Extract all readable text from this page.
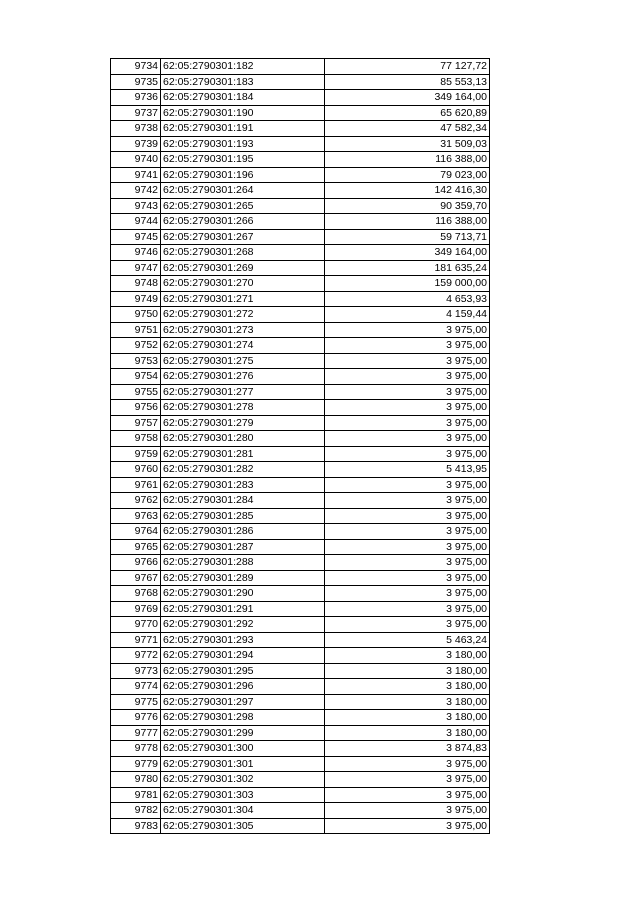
9734	62:05:2790301:182	77 127,72
9735	62:05:2790301:183	85 553,13
9736	62:05:2790301:184	349 164,00
9737	62:05:2790301:190	65 620,89
9738	62:05:2790301:191	47 582,34
9739	62:05:2790301:193	31 509,03
9740	62:05:2790301:195	116 388,00
9741	62:05:2790301:196	79 023,00
9742	62:05:2790301:264	142 416,30
9743	62:05:2790301:265	90 359,70
9744	62:05:2790301:266	116 388,00
9745	62:05:2790301:267	59 713,71
9746	62:05:2790301:268	349 164,00
9747	62:05:2790301:269	181 635,24
9748	62:05:2790301:270	159 000,00
9749	62:05:2790301:271	4 653,93
9750	62:05:2790301:272	4 159,44
9751	62:05:2790301:273	3 975,00
9752	62:05:2790301:274	3 975,00
9753	62:05:2790301:275	3 975,00
9754	62:05:2790301:276	3 975,00
9755	62:05:2790301:277	3 975,00
9756	62:05:2790301:278	3 975,00
9757	62:05:2790301:279	3 975,00
9758	62:05:2790301:280	3 975,00
9759	62:05:2790301:281	3 975,00
9760	62:05:2790301:282	5 413,95
9761	62:05:2790301:283	3 975,00
9762	62:05:2790301:284	3 975,00
9763	62:05:2790301:285	3 975,00
9764	62:05:2790301:286	3 975,00
9765	62:05:2790301:287	3 975,00
9766	62:05:2790301:288	3 975,00
9767	62:05:2790301:289	3 975,00
9768	62:05:2790301:290	3 975,00
9769	62:05:2790301:291	3 975,00
9770	62:05:2790301:292	3 975,00
9771	62:05:2790301:293	5 463,24
9772	62:05:2790301:294	3 180,00
9773	62:05:2790301:295	3 180,00
9774	62:05:2790301:296	3 180,00
9775	62:05:2790301:297	3 180,00
9776	62:05:2790301:298	3 180,00
9777	62:05:2790301:299	3 180,00
9778	62:05:2790301:300	3 874,83
9779	62:05:2790301:301	3 975,00
9780	62:05:2790301:302	3 975,00
9781	62:05:2790301:303	3 975,00
9782	62:05:2790301:304	3 975,00
9783	62:05:2790301:305	3 975,00
